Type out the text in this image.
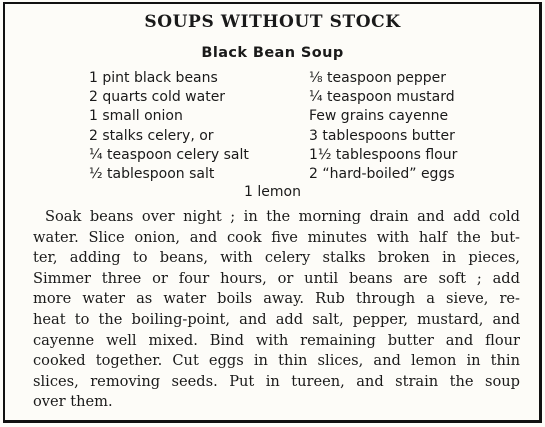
SOUPS WITHOUT STOCK
Black Bean Soup
1 pint black beans
2 quarts cold water
1 small onion
2 stalks celery, or
¼ teaspoon celery salt
½ tablespoon salt
⅛ teaspoon pepper
¼ teaspoon mustard
Few grains cayenne
3 tablespoons butter
1½ tablespoons flour
2 “hard-boiled” eggs
1 lemon
Soak beans over night ; in the morning drain and add cold
water. Slice onion, and cook five minutes with half the but-
ter, adding to beans, with celery stalks broken in pieces,
Simmer three or four hours, or until beans are soft ; add
more water as water boils away. Rub through a sieve, re-
heat to the boiling-point, and add salt, pepper, mustard, and
cayenne well mixed. Bind with remaining butter and flour
cooked together. Cut eggs in thin slices, and lemon in thin
slices, removing seeds. Put in tureen, and strain the soup
over them.
